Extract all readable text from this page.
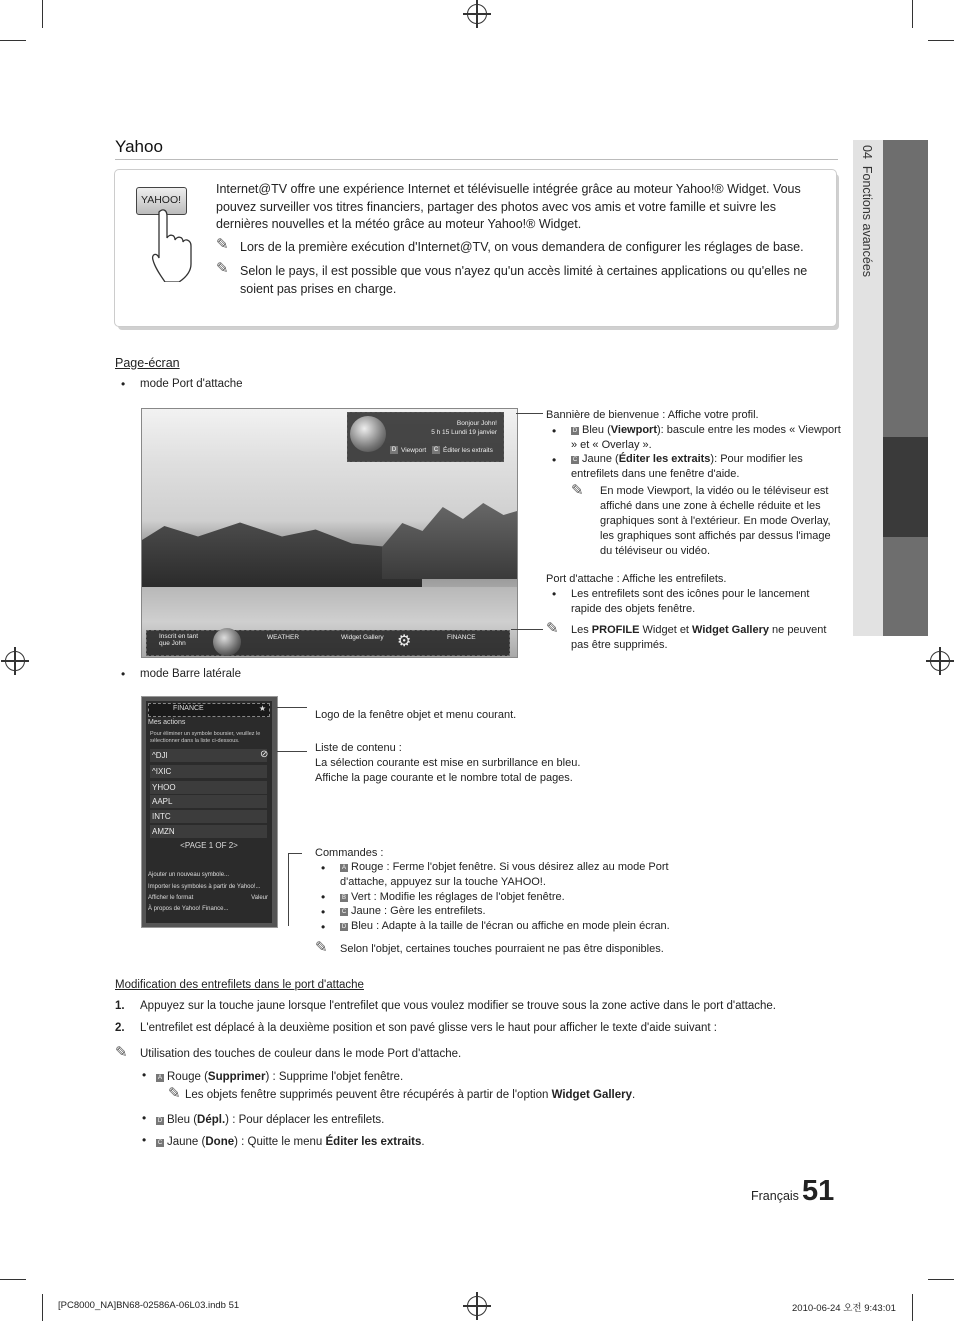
04  Fonctions avancées
Yahoo
YAHOO!
Internet@TV offre une expérience Internet et télévisuelle intégrée grâce au moteur Yahoo!® Widget. Vous pouvez surveiller vos titres financiers, partager des photos avec vos amis et votre famille et suivre les dernières nouvelles et la météo grâce au moteur Yahoo!® Widget.
✎ Lors de la première exécution d'Internet@TV, on vous demandera de configurer les réglages de base.
✎ Selon le pays, il est possible que vous n'ayez qu'un accès limité à certaines applications ou qu'elles ne soient pas prises en charge.
Page-écran
• mode Port d'attache
Bonjour John!
5 h 15 Lundi 19 janvier
D Viewport	C Éditer les extraits
Inscrit en tant que John
WEATHER	Widget Gallery ⚙	FINANCE
Bannière de bienvenue : Affiche votre profil.
•	D Bleu (Viewport): bascule entre les modes « Viewport » et « Overlay ».
•	C Jaune (Éditer les extraits): Pour modifier les entrefilets dans une fenêtre d'aide.
✎ En mode Viewport, la vidéo ou le téléviseur est affiché dans une zone à échelle réduite et les graphiques sont à l'extérieur. En mode Overlay, les graphiques sont affichés par dessus l'image du téléviseur ou vidéo.
Port d'attache : Affiche les entrefilets.
• Les entrefilets sont des icônes pour le lancement rapide des objets fenêtre.
✎ Les PROFILE Widget et Widget Gallery ne peuvent pas être supprimés.
• mode Barre latérale
FINANCE	★
Mes actions
Pour éliminer un symbole boursier, veuillez le sélectionner dans la liste ci-dessous.
^DJI	⊘
^IXIC
YHOO
AAPL
INTC
AMZN
<PAGE 1 OF 2>
Ajouter un nouveau symbole...
Importer les symboles à partir de Yahoo!...
Afficher le format	Valeur
À propos de Yahoo! Finance...
Logo de la fenêtre objet et menu courant.
Liste de contenu :
La sélection courante est mise en surbrillance en bleu.
Affiche la page courante et le nombre total de pages.
Commandes :
•	A Rouge : Ferme l'objet fenêtre. Si vous désirez allez au mode Port d'attache, appuyez sur la touche YAHOO!.
•	B Vert : Modifie les réglages de l'objet fenêtre.
•	C Jaune : Gère les entrefilets.
•	D Bleu : Adapte à la taille de l'écran ou affiche en mode plein écran.
✎ Selon l'objet, certaines touches pourraient ne pas être disponibles.
Modification des entrefilets dans le port d'attache
1. Appuyez sur la touche jaune lorsque l'entrefilet que vous voulez modifier se trouve sous la zone active dans le port d'attache.
2. L'entrefilet est déplacé à la deuxième position et son pavé glisse vers le haut pour afficher le texte d'aide suivant :
✎ Utilisation des touches de couleur dans le mode Port d'attache.
•	A Rouge (Supprimer) : Supprime l'objet fenêtre.
✎ Les objets fenêtre supprimés peuvent être récupérés à partir de l'option Widget Gallery.
•	D Bleu (Dépl.) : Pour déplacer les entrefilets.
•	C Jaune (Done) : Quitte le menu Éditer les extraits.
Français 51
[PC8000_NA]BN68-02586A-06L03.indb 51	2010-06-24 오전 9:43:01
